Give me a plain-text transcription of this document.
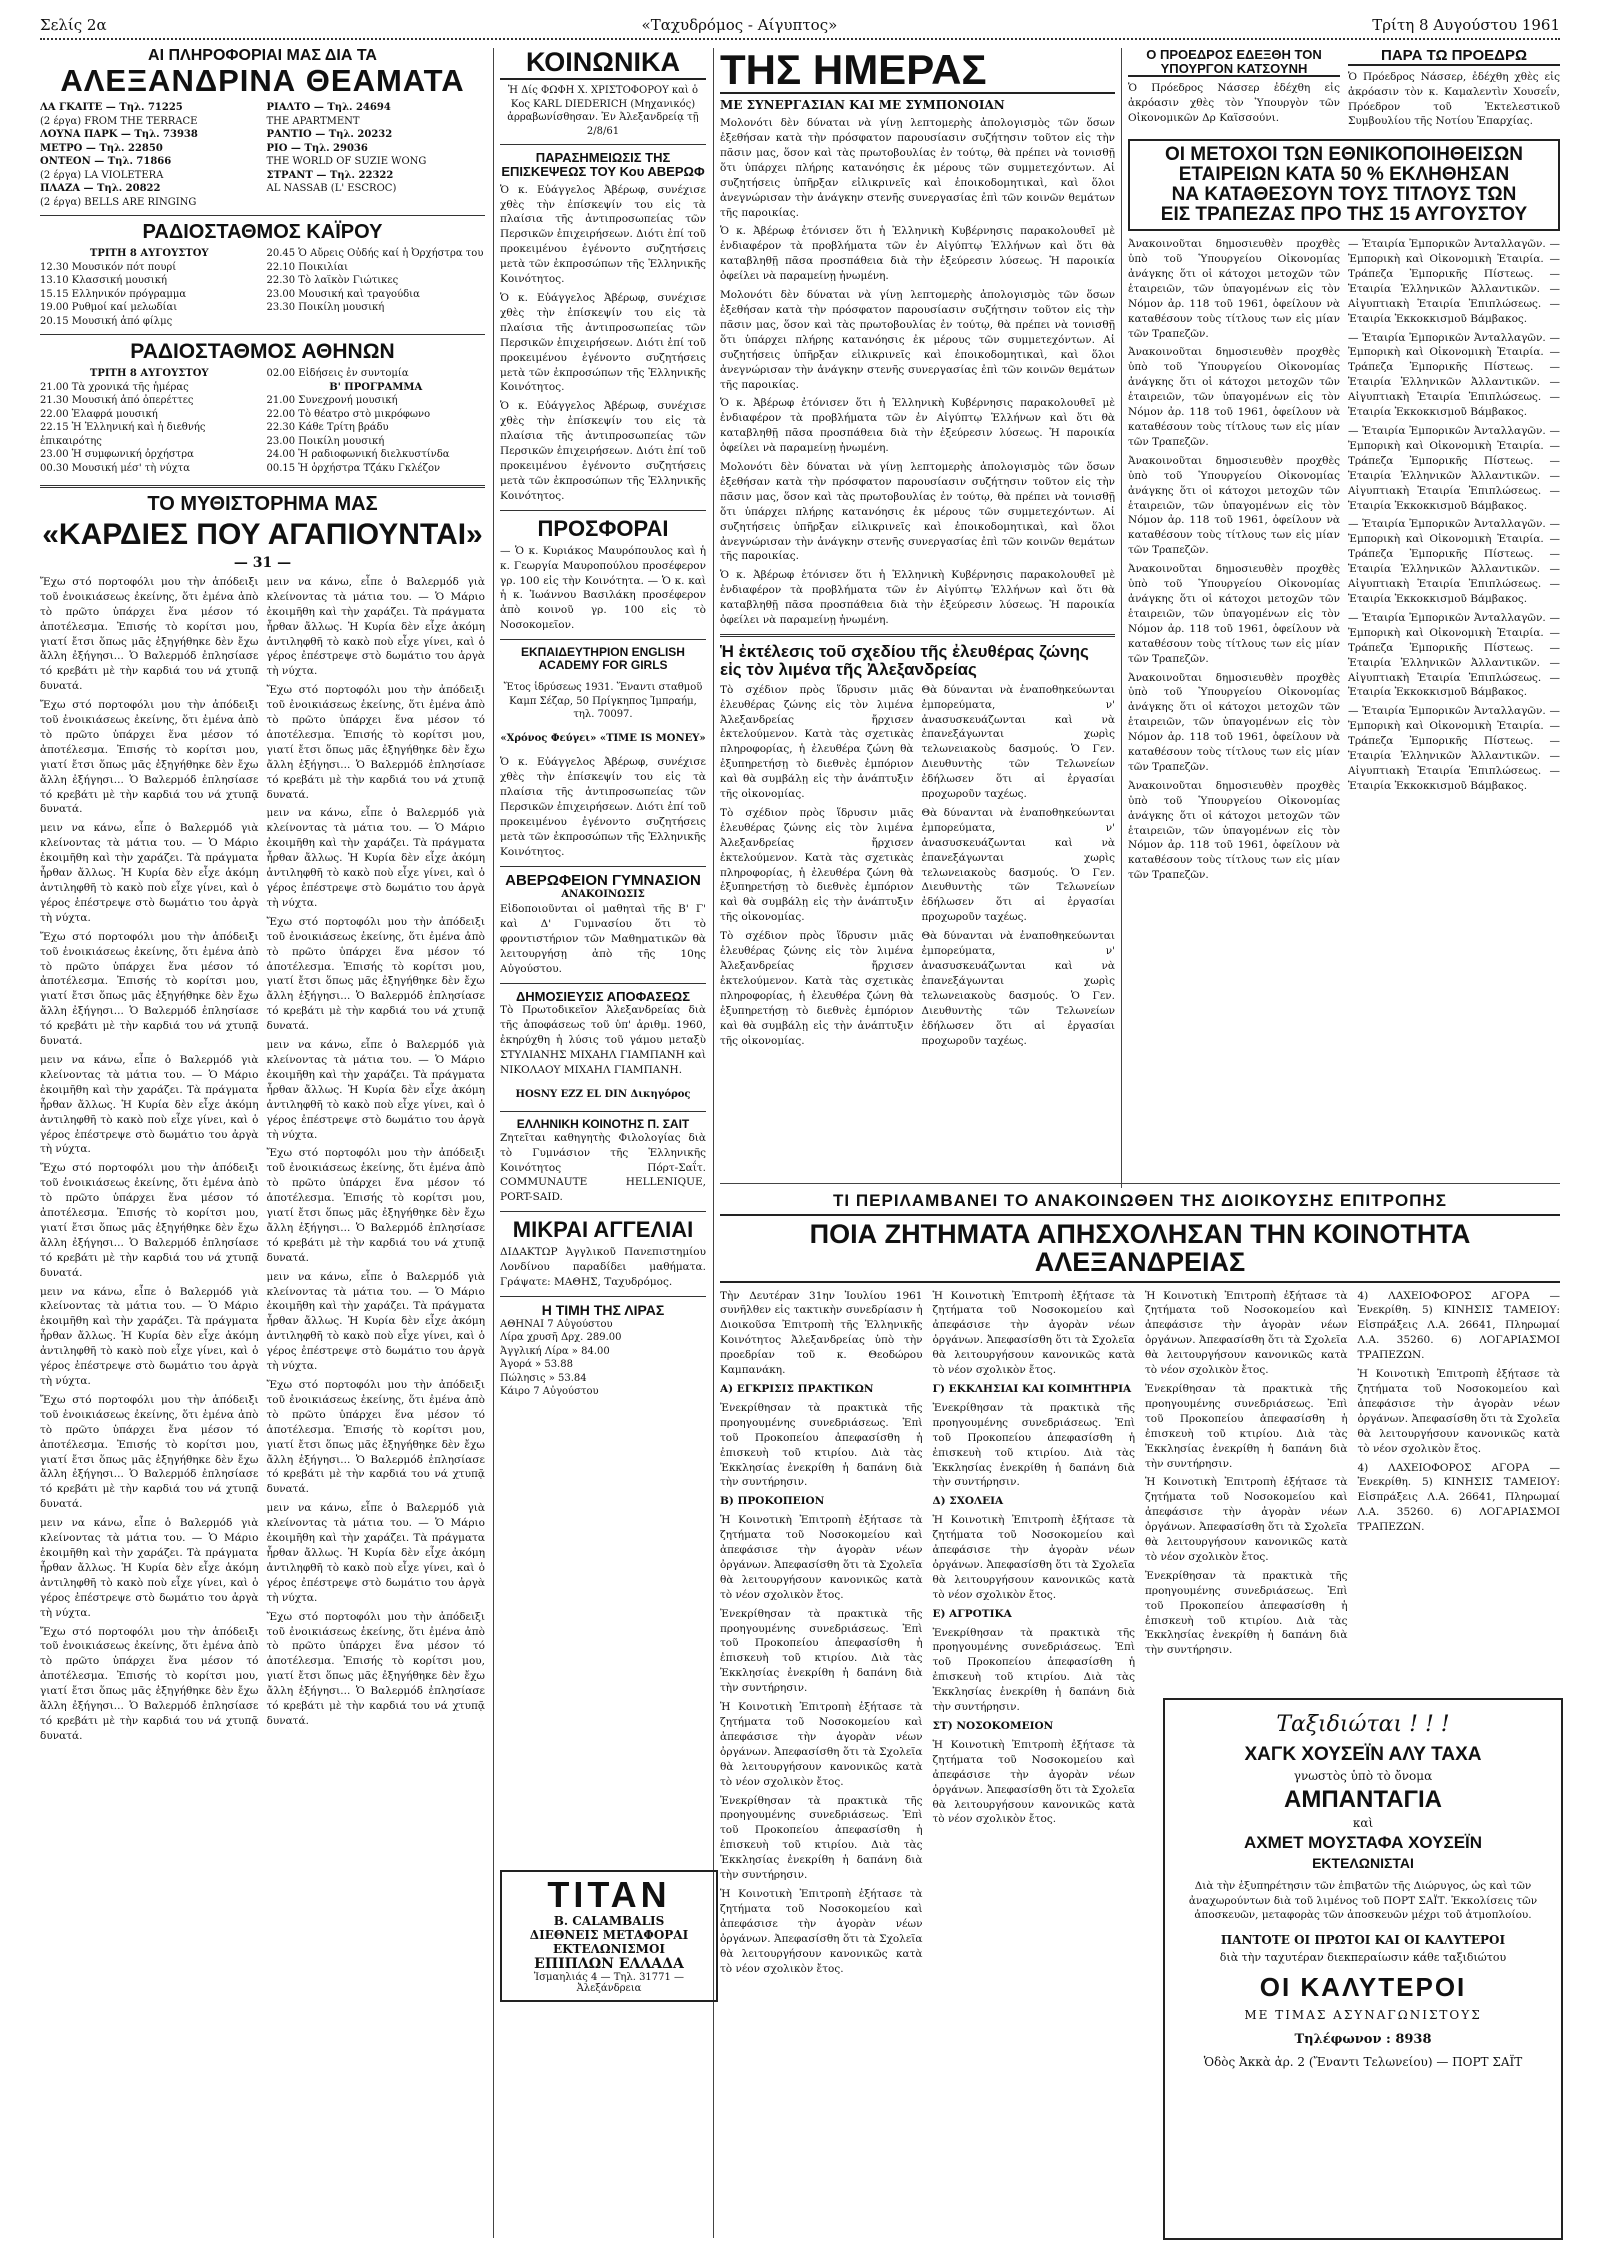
Σελίς 2α	«Ταχυδρόμος - Αίγυπτος»	Τρίτη 8 Αυγούστου 1961
ΑΙ ΠΛΗΡΟΦΟΡΙΑΙ ΜΑΣ ΔΙΑ ΤΑ
ΑΛΕΞΑΝΔΡΙΝΑ ΘΕΑΜΑΤΑ

ΛΑ ΓΚΑΙΤΕ — Τηλ. 71225

(2 έργα) FROM THE TERRACE

ΛΟΥΝΑ ΠΑΡΚ — Τηλ. 73938

ΜΕΤΡΟ — Τηλ. 22850

ΟΝΤΕΟΝ — Τηλ. 71866

(2 έργα) LA VIOLETERA

ΠΛΑΖΑ — Τηλ. 20822

(2 έργα) BELLS ARE RINGING

ΡΙΑΛΤΟ — Τηλ. 24694

THE APARTMENT

ΡΑΝΤΙΟ — Τηλ. 20232

ΡΙΟ — Τηλ. 29036

THE WORLD OF SUZIE WONG

ΣΤΡΑΝΤ — Τηλ. 22322

AL NASSAB (L' ESCROC)

ΡΑΔΙΟΣΤΑΘΜΟΣ ΚΑΪΡΟΥ

ΤΡΙΤΗ 8 ΑΥΓΟΥΣΤΟΥ

12.30 Μουσικόν πότ πουρί

13.10 Κλασσική μουσική

15.15 Ελληνικόν πρόγραμμα

19.00 Ρυθμοί καί μελωδίαι

20.15 Μουσική ἀπό φίλμς

20.45 Ὁ Αὔρεις Οὐδής καί ἡ Ὀρχήστρα του

22.10 Ποικιλίαι

22.30 Τὸ λαϊκὸν Γιώτικες

23.00 Μουσική καὶ τραγούδια

23.30 Ποικίλη μουσική

ΡΑΔΙΟΣΤΑΘΜΟΣ ΑΘΗΝΩΝ

ΤΡΙΤΗ 8 ΑΥΓΟΥΣΤΟΥ

21.00 Τὰ χρονικά τῆς ἡμέρας

21.30 Μουσική ἀπό ὀπερέττες

22.00 Ἑλαφρά μουσική

22.15 Ἡ Ἑλληνική καὶ ἡ διεθνής ἐπικαιρότης

23.00 Ἡ συμφωνική ὀρχήστρα

00.30 Μουσική μέσ' τὴ νύχτα

02.00 Εἰδήσεις ἐν συντομία

Β' ΠΡΟΓΡΑΜΜΑ

21.00 Συνεχρονή μουσική

22.00 Τὸ θέατρο στὸ μικρόφωνο

22.30 Κάθε Τρίτη βράδυ

23.00 Ποικίλη μουσική

24.00 Ἡ ραδιοφωνική διελκυστίνδα

00.15 Ἡ ὀρχήστρα Τζάκυ Γκλέζον

ΤΟ ΜΥΘΙΣΤΟΡΗΜΑ ΜΑΣ
«ΚΑΡΔΙΕΣ ΠΟΥ ΑΓΑΠΙΟΥΝΤΑΙ»
— 31 —

Ἔχω στό πορτοφόλι μου τὴν ἀπόδειξι τοῦ ἐνοικιάσεως ἐκείνης, ὅτι ἐμένα ἀπὸ τὸ πρῶτο ὑπάρχει ἕνα μέσον τό ἀποτέλεσμα. Ἐπισής τὸ κορίτσι μου, γιατί ἔτσι ὅπως μᾶς ἐξηγήθηκε δὲν ἔχω ἄλλη ἐξήγησι... Ὁ Βαλερμόδ ἐπλησίασε τό κρεβάτι μὲ τὴν καρδιά του νά χτυπᾷ δυνατά.

Ἔχω στό πορτοφόλι μου τὴν ἀπόδειξι τοῦ ἐνοικιάσεως ἐκείνης, ὅτι ἐμένα ἀπὸ τὸ πρῶτο ὑπάρχει ἕνα μέσον τό ἀποτέλεσμα. Ἐπισής τὸ κορίτσι μου, γιατί ἔτσι ὅπως μᾶς ἐξηγήθηκε δὲν ἔχω ἄλλη ἐξήγησι... Ὁ Βαλερμόδ ἐπλησίασε τό κρεβάτι μὲ τὴν καρδιά του νά χτυπᾷ δυνατά.

μειν να κάνω, εἶπε ὁ Βαλερμόδ γιὰ κλείνοντας τὰ μάτια του. — Ὁ Μάριο ἐκοιμῆθη καὶ τὴν χαράζει. Τὰ πράγματα ἦρθαν ἄλλως. Ἡ Κυρία δὲν εἶχε ἀκόμη ἀντιληφθῆ τὸ κακὸ ποὺ εἶχε γίνει, καὶ ὁ γέρος ἐπέστρεψε στὸ δωμάτιο του ἀργὰ τὴ νύχτα.

Ἔχω στό πορτοφόλι μου τὴν ἀπόδειξι τοῦ ἐνοικιάσεως ἐκείνης, ὅτι ἐμένα ἀπὸ τὸ πρῶτο ὑπάρχει ἕνα μέσον τό ἀποτέλεσμα. Ἐπισής τὸ κορίτσι μου, γιατί ἔτσι ὅπως μᾶς ἐξηγήθηκε δὲν ἔχω ἄλλη ἐξήγησι... Ὁ Βαλερμόδ ἐπλησίασε τό κρεβάτι μὲ τὴν καρδιά του νά χτυπᾷ δυνατά.

μειν να κάνω, εἶπε ὁ Βαλερμόδ γιὰ κλείνοντας τὰ μάτια του. — Ὁ Μάριο ἐκοιμῆθη καὶ τὴν χαράζει. Τὰ πράγματα ἦρθαν ἄλλως. Ἡ Κυρία δὲν εἶχε ἀκόμη ἀντιληφθῆ τὸ κακὸ ποὺ εἶχε γίνει, καὶ ὁ γέρος ἐπέστρεψε στὸ δωμάτιο του ἀργὰ τὴ νύχτα.

Ἔχω στό πορτοφόλι μου τὴν ἀπόδειξι τοῦ ἐνοικιάσεως ἐκείνης, ὅτι ἐμένα ἀπὸ τὸ πρῶτο ὑπάρχει ἕνα μέσον τό ἀποτέλεσμα. Ἐπισής τὸ κορίτσι μου, γιατί ἔτσι ὅπως μᾶς ἐξηγήθηκε δὲν ἔχω ἄλλη ἐξήγησι... Ὁ Βαλερμόδ ἐπλησίασε τό κρεβάτι μὲ τὴν καρδιά του νά χτυπᾷ δυνατά.

μειν να κάνω, εἶπε ὁ Βαλερμόδ γιὰ κλείνοντας τὰ μάτια του. — Ὁ Μάριο ἐκοιμῆθη καὶ τὴν χαράζει. Τὰ πράγματα ἦρθαν ἄλλως. Ἡ Κυρία δὲν εἶχε ἀκόμη ἀντιληφθῆ τὸ κακὸ ποὺ εἶχε γίνει, καὶ ὁ γέρος ἐπέστρεψε στὸ δωμάτιο του ἀργὰ τὴ νύχτα.

Ἔχω στό πορτοφόλι μου τὴν ἀπόδειξι τοῦ ἐνοικιάσεως ἐκείνης, ὅτι ἐμένα ἀπὸ τὸ πρῶτο ὑπάρχει ἕνα μέσον τό ἀποτέλεσμα. Ἐπισής τὸ κορίτσι μου, γιατί ἔτσι ὅπως μᾶς ἐξηγήθηκε δὲν ἔχω ἄλλη ἐξήγησι... Ὁ Βαλερμόδ ἐπλησίασε τό κρεβάτι μὲ τὴν καρδιά του νά χτυπᾷ δυνατά.

μειν να κάνω, εἶπε ὁ Βαλερμόδ γιὰ κλείνοντας τὰ μάτια του. — Ὁ Μάριο ἐκοιμῆθη καὶ τὴν χαράζει. Τὰ πράγματα ἦρθαν ἄλλως. Ἡ Κυρία δὲν εἶχε ἀκόμη ἀντιληφθῆ τὸ κακὸ ποὺ εἶχε γίνει, καὶ ὁ γέρος ἐπέστρεψε στὸ δωμάτιο του ἀργὰ τὴ νύχτα.

Ἔχω στό πορτοφόλι μου τὴν ἀπόδειξι τοῦ ἐνοικιάσεως ἐκείνης, ὅτι ἐμένα ἀπὸ τὸ πρῶτο ὑπάρχει ἕνα μέσον τό ἀποτέλεσμα. Ἐπισής τὸ κορίτσι μου, γιατί ἔτσι ὅπως μᾶς ἐξηγήθηκε δὲν ἔχω ἄλλη ἐξήγησι... Ὁ Βαλερμόδ ἐπλησίασε τό κρεβάτι μὲ τὴν καρδιά του νά χτυπᾷ δυνατά.

μειν να κάνω, εἶπε ὁ Βαλερμόδ γιὰ κλείνοντας τὰ μάτια του. — Ὁ Μάριο ἐκοιμῆθη καὶ τὴν χαράζει. Τὰ πράγματα ἦρθαν ἄλλως. Ἡ Κυρία δὲν εἶχε ἀκόμη ἀντιληφθῆ τὸ κακὸ ποὺ εἶχε γίνει, καὶ ὁ γέρος ἐπέστρεψε στὸ δωμάτιο του ἀργὰ τὴ νύχτα.

Ἔχω στό πορτοφόλι μου τὴν ἀπόδειξι τοῦ ἐνοικιάσεως ἐκείνης, ὅτι ἐμένα ἀπὸ τὸ πρῶτο ὑπάρχει ἕνα μέσον τό ἀποτέλεσμα. Ἐπισής τὸ κορίτσι μου, γιατί ἔτσι ὅπως μᾶς ἐξηγήθηκε δὲν ἔχω ἄλλη ἐξήγησι... Ὁ Βαλερμόδ ἐπλησίασε τό κρεβάτι μὲ τὴν καρδιά του νά χτυπᾷ δυνατά.

μειν να κάνω, εἶπε ὁ Βαλερμόδ γιὰ κλείνοντας τὰ μάτια του. — Ὁ Μάριο ἐκοιμῆθη καὶ τὴν χαράζει. Τὰ πράγματα ἦρθαν ἄλλως. Ἡ Κυρία δὲν εἶχε ἀκόμη ἀντιληφθῆ τὸ κακὸ ποὺ εἶχε γίνει, καὶ ὁ γέρος ἐπέστρεψε στὸ δωμάτιο του ἀργὰ τὴ νύχτα.

Ἔχω στό πορτοφόλι μου τὴν ἀπόδειξι τοῦ ἐνοικιάσεως ἐκείνης, ὅτι ἐμένα ἀπὸ τὸ πρῶτο ὑπάρχει ἕνα μέσον τό ἀποτέλεσμα. Ἐπισής τὸ κορίτσι μου, γιατί ἔτσι ὅπως μᾶς ἐξηγήθηκε δὲν ἔχω ἄλλη ἐξήγησι... Ὁ Βαλερμόδ ἐπλησίασε τό κρεβάτι μὲ τὴν καρδιά του νά χτυπᾷ δυνατά.

μειν να κάνω, εἶπε ὁ Βαλερμόδ γιὰ κλείνοντας τὰ μάτια του. — Ὁ Μάριο ἐκοιμῆθη καὶ τὴν χαράζει. Τὰ πράγματα ἦρθαν ἄλλως. Ἡ Κυρία δὲν εἶχε ἀκόμη ἀντιληφθῆ τὸ κακὸ ποὺ εἶχε γίνει, καὶ ὁ γέρος ἐπέστρεψε στὸ δωμάτιο του ἀργὰ τὴ νύχτα.

Ἔχω στό πορτοφόλι μου τὴν ἀπόδειξι τοῦ ἐνοικιάσεως ἐκείνης, ὅτι ἐμένα ἀπὸ τὸ πρῶτο ὑπάρχει ἕνα μέσον τό ἀποτέλεσμα. Ἐπισής τὸ κορίτσι μου, γιατί ἔτσι ὅπως μᾶς ἐξηγήθηκε δὲν ἔχω ἄλλη ἐξήγησι... Ὁ Βαλερμόδ ἐπλησίασε τό κρεβάτι μὲ τὴν καρδιά του νά χτυπᾷ δυνατά.

μειν να κάνω, εἶπε ὁ Βαλερμόδ γιὰ κλείνοντας τὰ μάτια του. — Ὁ Μάριο ἐκοιμῆθη καὶ τὴν χαράζει. Τὰ πράγματα ἦρθαν ἄλλως. Ἡ Κυρία δὲν εἶχε ἀκόμη ἀντιληφθῆ τὸ κακὸ ποὺ εἶχε γίνει, καὶ ὁ γέρος ἐπέστρεψε στὸ δωμάτιο του ἀργὰ τὴ νύχτα.

Ἔχω στό πορτοφόλι μου τὴν ἀπόδειξι τοῦ ἐνοικιάσεως ἐκείνης, ὅτι ἐμένα ἀπὸ τὸ πρῶτο ὑπάρχει ἕνα μέσον τό ἀποτέλεσμα. Ἐπισής τὸ κορίτσι μου, γιατί ἔτσι ὅπως μᾶς ἐξηγήθηκε δὲν ἔχω ἄλλη ἐξήγησι... Ὁ Βαλερμόδ ἐπλησίασε τό κρεβάτι μὲ τὴν καρδιά του νά χτυπᾷ δυνατά.

μειν να κάνω, εἶπε ὁ Βαλερμόδ γιὰ κλείνοντας τὰ μάτια του. — Ὁ Μάριο ἐκοιμῆθη καὶ τὴν χαράζει. Τὰ πράγματα ἦρθαν ἄλλως. Ἡ Κυρία δὲν εἶχε ἀκόμη ἀντιληφθῆ τὸ κακὸ ποὺ εἶχε γίνει, καὶ ὁ γέρος ἐπέστρεψε στὸ δωμάτιο του ἀργὰ τὴ νύχτα.

Ἔχω στό πορτοφόλι μου τὴν ἀπόδειξι τοῦ ἐνοικιάσεως ἐκείνης, ὅτι ἐμένα ἀπὸ τὸ πρῶτο ὑπάρχει ἕνα μέσον τό ἀποτέλεσμα. Ἐπισής τὸ κορίτσι μου, γιατί ἔτσι ὅπως μᾶς ἐξηγήθηκε δὲν ἔχω ἄλλη ἐξήγησι... Ὁ Βαλερμόδ ἐπλησίασε τό κρεβάτι μὲ τὴν καρδιά του νά χτυπᾷ δυνατά.

ΚΟΙΝΩΝΙΚΑ

Ἡ Δίς ΦΩΦΗ Χ. ΧΡΙΣΤΟΦΟΡΟΥ καὶ ὁ Κος KARL DIEDERICH (Μηχανικός) ἀρραβωνίσθησαν. Ἐν Ἀλεξανδρείᾳ τῇ 2/8/61

ΠΑΡΑΣΗΜΕΙΩΣΙΣ ΤΗΣ ΕΠΙΣΚΕΨΕΩΣ ΤΟΥ Κου ΑΒΕΡΩΦ

Ὁ κ. Εὐάγγελος Ἀβέρωφ, συνέχισε χθὲς τὴν ἐπίσκεψίν του εἰς τὰ πλαίσια τῆς ἀντιπροσωπείας τῶν Περσικῶν ἐπιχειρήσεων. Διότι ἐπί τοῦ προκειμένου ἐγένοντο συζητήσεις μετὰ τῶν ἐκπροσώπων τῆς Ἑλληνικῆς Κοινότητος.

Ὁ κ. Εὐάγγελος Ἀβέρωφ, συνέχισε χθὲς τὴν ἐπίσκεψίν του εἰς τὰ πλαίσια τῆς ἀντιπροσωπείας τῶν Περσικῶν ἐπιχειρήσεων. Διότι ἐπί τοῦ προκειμένου ἐγένοντο συζητήσεις μετὰ τῶν ἐκπροσώπων τῆς Ἑλληνικῆς Κοινότητος.

Ὁ κ. Εὐάγγελος Ἀβέρωφ, συνέχισε χθὲς τὴν ἐπίσκεψίν του εἰς τὰ πλαίσια τῆς ἀντιπροσωπείας τῶν Περσικῶν ἐπιχειρήσεων. Διότι ἐπί τοῦ προκειμένου ἐγένοντο συζητήσεις μετὰ τῶν ἐκπροσώπων τῆς Ἑλληνικῆς Κοινότητος.

ΠΡΟΣΦΟΡΑΙ

— Ὁ κ. Κυριάκος Μαυρόπουλος καὶ ἡ κ. Γεωργία Μαυροπούλου προσέφερον γρ. 100 εἰς τὴν Κοινότητα. — Ὁ κ. καὶ ἡ κ. Ἰωάννου Βασιλάκη προσέφερον ἀπὸ κοινοῦ γρ. 100 εἰς τὸ Νοσοκομεῖον.

ΕΚΠΑΙΔΕΥΤΗΡΙΟΝ ENGLISH ACADEMY FOR GIRLS

Ἔτος ἱδρύσεως 1931. Ἕναντι σταθμοῦ Καμπ Σέζαρ, 50 Πρίγκηπος Ἰμπραήμ, τηλ. 70097.

«Χρόνος Φεύγει» «TIME IS MONEY»

Ὁ κ. Εὐάγγελος Ἀβέρωφ, συνέχισε χθὲς τὴν ἐπίσκεψίν του εἰς τὰ πλαίσια τῆς ἀντιπροσωπείας τῶν Περσικῶν ἐπιχειρήσεων. Διότι ἐπί τοῦ προκειμένου ἐγένοντο συζητήσεις μετὰ τῶν ἐκπροσώπων τῆς Ἑλληνικῆς Κοινότητος.

ΑΒΕΡΩΦΕΙΟΝ ΓΥΜΝΑΣΙΟΝ
ΑΝΑΚΟΙΝΩΣΙΣ

Εἰδοποιοῦνται οἱ μαθηταὶ τῆς Β' Γ' καὶ Δ' Γυμνασίου ὅτι τὸ φροντιστήριον τῶν Μαθηματικῶν θὰ λειτουργήσῃ ἀπὸ τῆς 10ης Αὐγούστου.

ΔΗΜΟΣΙΕΥΣΙΣ ΑΠΟΦΑΣΕΩΣ

Τὸ Πρωτοδικεῖον Ἀλεξανδρείας διὰ τῆς ἀποφάσεως τοῦ ὑπ' ἀριθμ. 1960, ἐκηρύχθη ἡ λύσις τοῦ γάμου μεταξὺ ΣΤΥΛΙΑΝΗΣ ΜΙΧΑΗΛ ΓΙΑΜΠΑΝΗ καὶ ΝΙΚΟΛΑΟΥ ΜΙΧΑΗΛ ΓΙΑΜΠΑΝΗ.

HOSNY EZZ EL DIN Δικηγόρος

ΕΛΛΗΝΙΚΗ ΚΟΙΝΟΤΗΣ Π. ΣΑΙΤ

Ζητεῖται καθηγητὴς Φιλολογίας διὰ τὸ Γυμνάσιον τῆς Ἑλληνικῆς Κοινότητος Πόρτ-Σαΐτ. COMMUNAUTE HELLENIQUE, PORT-SAID.

ΜΙΚΡΑΙ ΑΓΓΕΛΙΑΙ

ΔΙΔΑΚΤΩΡ Ἀγγλικοῦ Πανεπιστημίου Λονδίνου παραδίδει μαθήματα. Γράψατε: ΜΑΘΗΣ, Ταχυδρόμος.

Η ΤΙΜΗ ΤΗΣ ΛΙΡΑΣ

ΑΘΗΝΑΙ 7 Αὐγούστου

Λίρα χρυσῆ Δρχ. 289.00

Ἀγγλική Λίρα » 84.00

Ἀγορά » 53.88

Πώλησις » 53.84

Κάιρο 7 Αὐγούστου

ΤΗΣ ΗΜΕΡΑΣ
ΜΕ ΣΥΝΕΡΓΑΣΙΑΝ ΚΑΙ ΜΕ ΣΥΜΠΟΝΟΙΑΝ

Μολονότι δὲν δύναται νὰ γίνῃ λεπτομερὴς ἀπολογισμὸς τῶν ὅσων ἐξεθήσαν κατὰ τὴν πρόσφατον παρουσίασιν συζήτησιν τοῦτον εἰς τὴν πᾶσιν μας, ὅσον καὶ τὰς πρωτοβουλίας ἐν τούτῳ, θὰ πρέπει νὰ τονισθῇ ὅτι ὑπάρχει πλήρης κατανόησις ἐκ μέρους τῶν συμμετεχόντων. Αἱ συζητήσεις ὑπῆρξαν εἰλικρινεῖς καὶ ἐποικοδομητικαὶ, καὶ ὅλοι ἀνεγνώρισαν τὴν ἀνάγκην στενῆς συνεργασίας ἐπὶ τῶν κοινῶν θεμάτων τῆς παροικίας.

Ὁ κ. Ἀβέρωφ ἐτόνισεν ὅτι ἡ Ἑλληνικὴ Κυβέρνησις παρακολουθεῖ μὲ ἐνδιαφέρον τὰ προβλήματα τῶν ἐν Αἰγύπτῳ Ἑλλήνων καὶ ὅτι θὰ καταβληθῇ πᾶσα προσπάθεια διὰ τὴν ἐξεύρεσιν λύσεως. Ἡ παροικία ὀφείλει νὰ παραμείνῃ ἠνωμένη.

Μολονότι δὲν δύναται νὰ γίνῃ λεπτομερὴς ἀπολογισμὸς τῶν ὅσων ἐξεθήσαν κατὰ τὴν πρόσφατον παρουσίασιν συζήτησιν τοῦτον εἰς τὴν πᾶσιν μας, ὅσον καὶ τὰς πρωτοβουλίας ἐν τούτῳ, θὰ πρέπει νὰ τονισθῇ ὅτι ὑπάρχει πλήρης κατανόησις ἐκ μέρους τῶν συμμετεχόντων. Αἱ συζητήσεις ὑπῆρξαν εἰλικρινεῖς καὶ ἐποικοδομητικαὶ, καὶ ὅλοι ἀνεγνώρισαν τὴν ἀνάγκην στενῆς συνεργασίας ἐπὶ τῶν κοινῶν θεμάτων τῆς παροικίας.

Ὁ κ. Ἀβέρωφ ἐτόνισεν ὅτι ἡ Ἑλληνικὴ Κυβέρνησις παρακολουθεῖ μὲ ἐνδιαφέρον τὰ προβλήματα τῶν ἐν Αἰγύπτῳ Ἑλλήνων καὶ ὅτι θὰ καταβληθῇ πᾶσα προσπάθεια διὰ τὴν ἐξεύρεσιν λύσεως. Ἡ παροικία ὀφείλει νὰ παραμείνῃ ἠνωμένη.

Μολονότι δὲν δύναται νὰ γίνῃ λεπτομερὴς ἀπολογισμὸς τῶν ὅσων ἐξεθήσαν κατὰ τὴν πρόσφατον παρουσίασιν συζήτησιν τοῦτον εἰς τὴν πᾶσιν μας, ὅσον καὶ τὰς πρωτοβουλίας ἐν τούτῳ, θὰ πρέπει νὰ τονισθῇ ὅτι ὑπάρχει πλήρης κατανόησις ἐκ μέρους τῶν συμμετεχόντων. Αἱ συζητήσεις ὑπῆρξαν εἰλικρινεῖς καὶ ἐποικοδομητικαὶ, καὶ ὅλοι ἀνεγνώρισαν τὴν ἀνάγκην στενῆς συνεργασίας ἐπὶ τῶν κοινῶν θεμάτων τῆς παροικίας.

Ὁ κ. Ἀβέρωφ ἐτόνισεν ὅτι ἡ Ἑλληνικὴ Κυβέρνησις παρακολουθεῖ μὲ ἐνδιαφέρον τὰ προβλήματα τῶν ἐν Αἰγύπτῳ Ἑλλήνων καὶ ὅτι θὰ καταβληθῇ πᾶσα προσπάθεια διὰ τὴν ἐξεύρεσιν λύσεως. Ἡ παροικία ὀφείλει νὰ παραμείνῃ ἠνωμένη.

Ἡ ἐκτέλεσις τοῦ σχεδίου τῆς ἐλευθέρας ζώνης εἰς τὸν λιμένα τῆς Ἀλεξανδρείας

Τὸ σχέδιον πρὸς ἵδρυσιν μιᾶς ἐλευθέρας ζώνης εἰς τὸν λιμένα Ἀλεξανδρείας ἤρχισεν ἐκτελούμενον. Κατὰ τὰς σχετικὰς πληροφορίας, ἡ ἐλευθέρα ζώνη θὰ ἐξυπηρετήσῃ τὸ διεθνὲς ἐμπόριον καὶ θὰ συμβάλῃ εἰς τὴν ἀνάπτυξιν τῆς οἰκονομίας.

Τὸ σχέδιον πρὸς ἵδρυσιν μιᾶς ἐλευθέρας ζώνης εἰς τὸν λιμένα Ἀλεξανδρείας ἤρχισεν ἐκτελούμενον. Κατὰ τὰς σχετικὰς πληροφορίας, ἡ ἐλευθέρα ζώνη θὰ ἐξυπηρετήσῃ τὸ διεθνὲς ἐμπόριον καὶ θὰ συμβάλῃ εἰς τὴν ἀνάπτυξιν τῆς οἰκονομίας.

Τὸ σχέδιον πρὸς ἵδρυσιν μιᾶς ἐλευθέρας ζώνης εἰς τὸν λιμένα Ἀλεξανδρείας ἤρχισεν ἐκτελούμενον. Κατὰ τὰς σχετικὰς πληροφορίας, ἡ ἐλευθέρα ζώνη θὰ ἐξυπηρετήσῃ τὸ διεθνὲς ἐμπόριον καὶ θὰ συμβάλῃ εἰς τὴν ἀνάπτυξιν τῆς οἰκονομίας.

Θὰ δύνανται νὰ ἐναποθηκεύωνται ἐμπορεύματα, ν' ἀνασυσκευάζωνται καὶ νὰ ἐπανεξάγωνται χωρὶς τελωνειακοὺς δασμούς. Ὁ Γεν. Διευθυντὴς τῶν Τελωνείων ἐδήλωσεν ὅτι αἱ ἐργασίαι προχωροῦν ταχέως.

Θὰ δύνανται νὰ ἐναποθηκεύωνται ἐμπορεύματα, ν' ἀνασυσκευάζωνται καὶ νὰ ἐπανεξάγωνται χωρὶς τελωνειακοὺς δασμούς. Ὁ Γεν. Διευθυντὴς τῶν Τελωνείων ἐδήλωσεν ὅτι αἱ ἐργασίαι προχωροῦν ταχέως.

Θὰ δύνανται νὰ ἐναποθηκεύωνται ἐμπορεύματα, ν' ἀνασυσκευάζωνται καὶ νὰ ἐπανεξάγωνται χωρὶς τελωνειακοὺς δασμούς. Ὁ Γεν. Διευθυντὴς τῶν Τελωνείων ἐδήλωσεν ὅτι αἱ ἐργασίαι προχωροῦν ταχέως.

Ο ΠΡΟΕΔΡΟΣ ΕΔΕΞΘΗ ΤΟΝ ΥΠΟΥΡΓΟΝ ΚΑΤΣΟΥΝΗ

Ὁ Πρόεδρος Νάσσερ ἐδέχθη εἰς ἀκρόασιν χθὲς τὸν Ὑπουργὸν τῶν Οἰκονομικῶν Δρ Καϊσσούνι.

ΠΑΡΑ ΤΩ ΠΡΟΕΔΡΩ

Ὁ Πρόεδρος Νάσσερ, ἐδέχθη χθὲς εἰς ἀκρόασιν τὸν κ. Καμαλεντὶν Χουσεΐν, Πρόεδρον τοῦ Ἐκτελεστικοῦ Συμβουλίου τῆς Νοτίου Ἐπαρχίας.

ΟΙ ΜΕΤΟΧΟΙ ΤΩΝ ΕΘΝΙΚΟΠΟΙΗΘΕΙΣΩΝ
ΕΤΑΙΡΕΙΩΝ ΚΑΤΑ 50 % ΕΚΛΗΘΗΣΑΝ
ΝΑ ΚΑΤΑΘΕΣΟΥΝ ΤΟΥΣ ΤΙΤΛΟΥΣ ΤΩΝ
ΕΙΣ ΤΡΑΠΕΖΑΣ ΠΡΟ ΤΗΣ 15 ΑΥΓΟΥΣΤΟΥ

Ἀνακοινοῦται δημοσιευθὲν προχθὲς ὑπὸ τοῦ Ὑπουργείου Οἰκονομίας ἀνάγκης ὅτι οἱ κάτοχοι μετοχῶν τῶν ἑταιρειῶν, τῶν ὑπαγομένων εἰς τὸν Νόμον ἀρ. 118 τοῦ 1961, ὀφείλουν νὰ καταθέσουν τοὺς τίτλους των εἰς μίαν τῶν Τραπεζῶν.

Ἀνακοινοῦται δημοσιευθὲν προχθὲς ὑπὸ τοῦ Ὑπουργείου Οἰκονομίας ἀνάγκης ὅτι οἱ κάτοχοι μετοχῶν τῶν ἑταιρειῶν, τῶν ὑπαγομένων εἰς τὸν Νόμον ἀρ. 118 τοῦ 1961, ὀφείλουν νὰ καταθέσουν τοὺς τίτλους των εἰς μίαν τῶν Τραπεζῶν.

Ἀνακοινοῦται δημοσιευθὲν προχθὲς ὑπὸ τοῦ Ὑπουργείου Οἰκονομίας ἀνάγκης ὅτι οἱ κάτοχοι μετοχῶν τῶν ἑταιρειῶν, τῶν ὑπαγομένων εἰς τὸν Νόμον ἀρ. 118 τοῦ 1961, ὀφείλουν νὰ καταθέσουν τοὺς τίτλους των εἰς μίαν τῶν Τραπεζῶν.

Ἀνακοινοῦται δημοσιευθὲν προχθὲς ὑπὸ τοῦ Ὑπουργείου Οἰκονομίας ἀνάγκης ὅτι οἱ κάτοχοι μετοχῶν τῶν ἑταιρειῶν, τῶν ὑπαγομένων εἰς τὸν Νόμον ἀρ. 118 τοῦ 1961, ὀφείλουν νὰ καταθέσουν τοὺς τίτλους των εἰς μίαν τῶν Τραπεζῶν.

Ἀνακοινοῦται δημοσιευθὲν προχθὲς ὑπὸ τοῦ Ὑπουργείου Οἰκονομίας ἀνάγκης ὅτι οἱ κάτοχοι μετοχῶν τῶν ἑταιρειῶν, τῶν ὑπαγομένων εἰς τὸν Νόμον ἀρ. 118 τοῦ 1961, ὀφείλουν νὰ καταθέσουν τοὺς τίτλους των εἰς μίαν τῶν Τραπεζῶν.

Ἀνακοινοῦται δημοσιευθὲν προχθὲς ὑπὸ τοῦ Ὑπουργείου Οἰκονομίας ἀνάγκης ὅτι οἱ κάτοχοι μετοχῶν τῶν ἑταιρειῶν, τῶν ὑπαγομένων εἰς τὸν Νόμον ἀρ. 118 τοῦ 1961, ὀφείλουν νὰ καταθέσουν τοὺς τίτλους των εἰς μίαν τῶν Τραπεζῶν.

— Ἑταιρία Ἐμπορικῶν Ἀνταλλαγῶν. — Ἐμπορικὴ καὶ Οἰκονομικὴ Ἑταιρία. — Τράπεζα Ἐμπορικῆς Πίστεως. — Ἑταιρία Ἑλληνικῶν Ἀλλαντικῶν. — Αἰγυπτιακὴ Ἑταιρία Ἐπιπλώσεως. — Ἑταιρία Ἐκκοκκισμοῦ Βάμβακος.

— Ἑταιρία Ἐμπορικῶν Ἀνταλλαγῶν. — Ἐμπορικὴ καὶ Οἰκονομικὴ Ἑταιρία. — Τράπεζα Ἐμπορικῆς Πίστεως. — Ἑταιρία Ἑλληνικῶν Ἀλλαντικῶν. — Αἰγυπτιακὴ Ἑταιρία Ἐπιπλώσεως. — Ἑταιρία Ἐκκοκκισμοῦ Βάμβακος.

— Ἑταιρία Ἐμπορικῶν Ἀνταλλαγῶν. — Ἐμπορικὴ καὶ Οἰκονομικὴ Ἑταιρία. — Τράπεζα Ἐμπορικῆς Πίστεως. — Ἑταιρία Ἑλληνικῶν Ἀλλαντικῶν. — Αἰγυπτιακὴ Ἑταιρία Ἐπιπλώσεως. — Ἑταιρία Ἐκκοκκισμοῦ Βάμβακος.

— Ἑταιρία Ἐμπορικῶν Ἀνταλλαγῶν. — Ἐμπορικὴ καὶ Οἰκονομικὴ Ἑταιρία. — Τράπεζα Ἐμπορικῆς Πίστεως. — Ἑταιρία Ἑλληνικῶν Ἀλλαντικῶν. — Αἰγυπτιακὴ Ἑταιρία Ἐπιπλώσεως. — Ἑταιρία Ἐκκοκκισμοῦ Βάμβακος.

— Ἑταιρία Ἐμπορικῶν Ἀνταλλαγῶν. — Ἐμπορικὴ καὶ Οἰκονομικὴ Ἑταιρία. — Τράπεζα Ἐμπορικῆς Πίστεως. — Ἑταιρία Ἑλληνικῶν Ἀλλαντικῶν. — Αἰγυπτιακὴ Ἑταιρία Ἐπιπλώσεως. — Ἑταιρία Ἐκκοκκισμοῦ Βάμβακος.

— Ἑταιρία Ἐμπορικῶν Ἀνταλλαγῶν. — Ἐμπορικὴ καὶ Οἰκονομικὴ Ἑταιρία. — Τράπεζα Ἐμπορικῆς Πίστεως. — Ἑταιρία Ἑλληνικῶν Ἀλλαντικῶν. — Αἰγυπτιακὴ Ἑταιρία Ἐπιπλώσεως. — Ἑταιρία Ἐκκοκκισμοῦ Βάμβακος.

ΤΙ ΠΕΡΙΛΑΜΒΑΝΕΙ ΤΟ ΑΝΑΚΟΙΝΩΘΕΝ ΤΗΣ ΔΙΟΙΚΟΥΣΗΣ ΕΠΙΤΡΟΠΗΣ
ΠΟΙΑ ΖΗΤΗΜΑΤΑ ΑΠΗΣΧΟΛΗΣΑΝ ΤΗΝ ΚΟΙΝΟΤΗΤΑ ΑΛΕΞΑΝΔΡΕΙΑΣ

Τὴν Δευτέραν 31ην Ἰουλίου 1961 συνῆλθεν εἰς τακτικὴν συνεδρίασιν ἡ Διοικοῦσα Ἐπιτροπὴ τῆς Ἑλληνικῆς Κοινότητος Ἀλεξανδρείας ὑπὸ τὴν προεδρίαν τοῦ κ. Θεοδώρου Καμπανάκη.

Α) ΕΓΚΡΙΣΙΣ ΠΡΑΚΤΙΚΩΝ

Ἐνεκρίθησαν τὰ πρακτικὰ τῆς προηγουμένης συνεδριάσεως. Ἐπὶ τοῦ Προκοπείου ἀπεφασίσθη ἡ ἐπισκευὴ τοῦ κτιρίου. Διὰ τὰς Ἐκκλησίας ἐνεκρίθη ἡ δαπάνη διὰ τὴν συντήρησιν.

Β) ΠΡΟΚΟΠΕΙΟΝ

Ἡ Κοινοτικὴ Ἐπιτροπὴ ἐξήτασε τὰ ζητήματα τοῦ Νοσοκομείου καὶ ἀπεφάσισε τὴν ἀγορὰν νέων ὀργάνων. Ἀπεφασίσθη ὅτι τὰ Σχολεῖα θὰ λειτουργήσουν κανονικῶς κατὰ τὸ νέον σχολικὸν ἔτος.

Ἐνεκρίθησαν τὰ πρακτικὰ τῆς προηγουμένης συνεδριάσεως. Ἐπὶ τοῦ Προκοπείου ἀπεφασίσθη ἡ ἐπισκευὴ τοῦ κτιρίου. Διὰ τὰς Ἐκκλησίας ἐνεκρίθη ἡ δαπάνη διὰ τὴν συντήρησιν.

Ἡ Κοινοτικὴ Ἐπιτροπὴ ἐξήτασε τὰ ζητήματα τοῦ Νοσοκομείου καὶ ἀπεφάσισε τὴν ἀγορὰν νέων ὀργάνων. Ἀπεφασίσθη ὅτι τὰ Σχολεῖα θὰ λειτουργήσουν κανονικῶς κατὰ τὸ νέον σχολικὸν ἔτος.

Ἐνεκρίθησαν τὰ πρακτικὰ τῆς προηγουμένης συνεδριάσεως. Ἐπὶ τοῦ Προκοπείου ἀπεφασίσθη ἡ ἐπισκευὴ τοῦ κτιρίου. Διὰ τὰς Ἐκκλησίας ἐνεκρίθη ἡ δαπάνη διὰ τὴν συντήρησιν.

Ἡ Κοινοτικὴ Ἐπιτροπὴ ἐξήτασε τὰ ζητήματα τοῦ Νοσοκομείου καὶ ἀπεφάσισε τὴν ἀγορὰν νέων ὀργάνων. Ἀπεφασίσθη ὅτι τὰ Σχολεῖα θὰ λειτουργήσουν κανονικῶς κατὰ τὸ νέον σχολικὸν ἔτος.

Ἡ Κοινοτικὴ Ἐπιτροπὴ ἐξήτασε τὰ ζητήματα τοῦ Νοσοκομείου καὶ ἀπεφάσισε τὴν ἀγορὰν νέων ὀργάνων. Ἀπεφασίσθη ὅτι τὰ Σχολεῖα θὰ λειτουργήσουν κανονικῶς κατὰ τὸ νέον σχολικὸν ἔτος.

Γ) ΕΚΚΛΗΣΙΑΙ ΚΑΙ ΚΟΙΜΗΤΗΡΙΑ

Ἐνεκρίθησαν τὰ πρακτικὰ τῆς προηγουμένης συνεδριάσεως. Ἐπὶ τοῦ Προκοπείου ἀπεφασίσθη ἡ ἐπισκευὴ τοῦ κτιρίου. Διὰ τὰς Ἐκκλησίας ἐνεκρίθη ἡ δαπάνη διὰ τὴν συντήρησιν.

Δ) ΣΧΟΛΕΙΑ

Ἡ Κοινοτικὴ Ἐπιτροπὴ ἐξήτασε τὰ ζητήματα τοῦ Νοσοκομείου καὶ ἀπεφάσισε τὴν ἀγορὰν νέων ὀργάνων. Ἀπεφασίσθη ὅτι τὰ Σχολεῖα θὰ λειτουργήσουν κανονικῶς κατὰ τὸ νέον σχολικὸν ἔτος.

Ε) ΑΓΡΟΤΙΚΑ

Ἐνεκρίθησαν τὰ πρακτικὰ τῆς προηγουμένης συνεδριάσεως. Ἐπὶ τοῦ Προκοπείου ἀπεφασίσθη ἡ ἐπισκευὴ τοῦ κτιρίου. Διὰ τὰς Ἐκκλησίας ἐνεκρίθη ἡ δαπάνη διὰ τὴν συντήρησιν.

ΣΤ) ΝΟΣΟΚΟΜΕΙΟΝ

Ἡ Κοινοτικὴ Ἐπιτροπὴ ἐξήτασε τὰ ζητήματα τοῦ Νοσοκομείου καὶ ἀπεφάσισε τὴν ἀγορὰν νέων ὀργάνων. Ἀπεφασίσθη ὅτι τὰ Σχολεῖα θὰ λειτουργήσουν κανονικῶς κατὰ τὸ νέον σχολικὸν ἔτος.

Ἡ Κοινοτικὴ Ἐπιτροπὴ ἐξήτασε τὰ ζητήματα τοῦ Νοσοκομείου καὶ ἀπεφάσισε τὴν ἀγορὰν νέων ὀργάνων. Ἀπεφασίσθη ὅτι τὰ Σχολεῖα θὰ λειτουργήσουν κανονικῶς κατὰ τὸ νέον σχολικὸν ἔτος.

Ἐνεκρίθησαν τὰ πρακτικὰ τῆς προηγουμένης συνεδριάσεως. Ἐπὶ τοῦ Προκοπείου ἀπεφασίσθη ἡ ἐπισκευὴ τοῦ κτιρίου. Διὰ τὰς Ἐκκλησίας ἐνεκρίθη ἡ δαπάνη διὰ τὴν συντήρησιν.

Ἡ Κοινοτικὴ Ἐπιτροπὴ ἐξήτασε τὰ ζητήματα τοῦ Νοσοκομείου καὶ ἀπεφάσισε τὴν ἀγορὰν νέων ὀργάνων. Ἀπεφασίσθη ὅτι τὰ Σχολεῖα θὰ λειτουργήσουν κανονικῶς κατὰ τὸ νέον σχολικὸν ἔτος.

Ἐνεκρίθησαν τὰ πρακτικὰ τῆς προηγουμένης συνεδριάσεως. Ἐπὶ τοῦ Προκοπείου ἀπεφασίσθη ἡ ἐπισκευὴ τοῦ κτιρίου. Διὰ τὰς Ἐκκλησίας ἐνεκρίθη ἡ δαπάνη διὰ τὴν συντήρησιν.

4) ΛΑΧΕΙΟΦΟΡΟΣ ΑΓΟΡΑ — Ἐνεκρίθη. 5) ΚΙΝΗΣΙΣ ΤΑΜΕΙΟΥ: Εἰσπράξεις Λ.Α. 26641, Πληρωμαί Λ.Α. 35260. 6) ΛΟΓΑΡΙΑΣΜΟΙ ΤΡΑΠΕΖΩΝ.

Ἡ Κοινοτικὴ Ἐπιτροπὴ ἐξήτασε τὰ ζητήματα τοῦ Νοσοκομείου καὶ ἀπεφάσισε τὴν ἀγορὰν νέων ὀργάνων. Ἀπεφασίσθη ὅτι τὰ Σχολεῖα θὰ λειτουργήσουν κανονικῶς κατὰ τὸ νέον σχολικὸν ἔτος.

4) ΛΑΧΕΙΟΦΟΡΟΣ ΑΓΟΡΑ — Ἐνεκρίθη. 5) ΚΙΝΗΣΙΣ ΤΑΜΕΙΟΥ: Εἰσπράξεις Λ.Α. 26641, Πληρωμαί Λ.Α. 35260. 6) ΛΟΓΑΡΙΑΣΜΟΙ ΤΡΑΠΕΖΩΝ.

TITAN
B. CALAMBALIS
ΔΙΕΘΝΕΙΣ ΜΕΤΑΦΟΡΑΙ ΕΚΤΕΛΩΝΙΣΜΟΙ
ΕΠΙΠΛΩΝ ΕΛΛΑΔΑ
Ἰσμαηλιάς 4 — Τηλ. 31771 — Ἀλεξάνδρεια
Ταξιδιώται ! ! !
ΧΑΓΚ ΧΟΥΣΕΪΝ ΑΛΥ ΤΑΧΑ
γνωστὸς ὑπὸ τὸ ὄνομα
ΑΜΠΑΝΤΑΓΙΑ
καὶ
ΑΧΜΕΤ ΜΟΥΣΤΑΦΑ ΧΟΥΣΕΪΝ
ΕΚΤΕΛΩΝΙΣΤΑΙ

Διὰ τὴν ἐξυπηρέτησιν τῶν ἐπιβατῶν τῆς Διώρυγος, ὡς καὶ τῶν ἀναχωρούντων διὰ τοῦ λιμένος τοῦ ΠΟΡΤ ΣΑΪΤ. Ἐκκολίσεις τῶν ἀποσκευῶν, μεταφορὰς τῶν ἀποσκευῶν μέχρι τοῦ ἀτμοπλοίου.

ΠΑΝΤΟΤΕ ΟΙ ΠΡΩΤΟΙ ΚΑΙ ΟΙ ΚΑΛΥΤΕΡΟΙ
διὰ τὴν ταχυτέραν διεκπεραίωσιν κάθε ταξιδιώτου
ΟΙ ΚΑΛΥΤΕΡΟΙ
ΜΕ ΤΙΜΑΣ ΑΣΥΝΑΓΩΝΙΣΤΟΥΣ
Τηλέφωνον : 8938
Ὁδὸς Ἀκκὰ ἀρ. 2 (Ἔναντι Τελωνείου) — ΠΟΡΤ ΣΑΪΤ
